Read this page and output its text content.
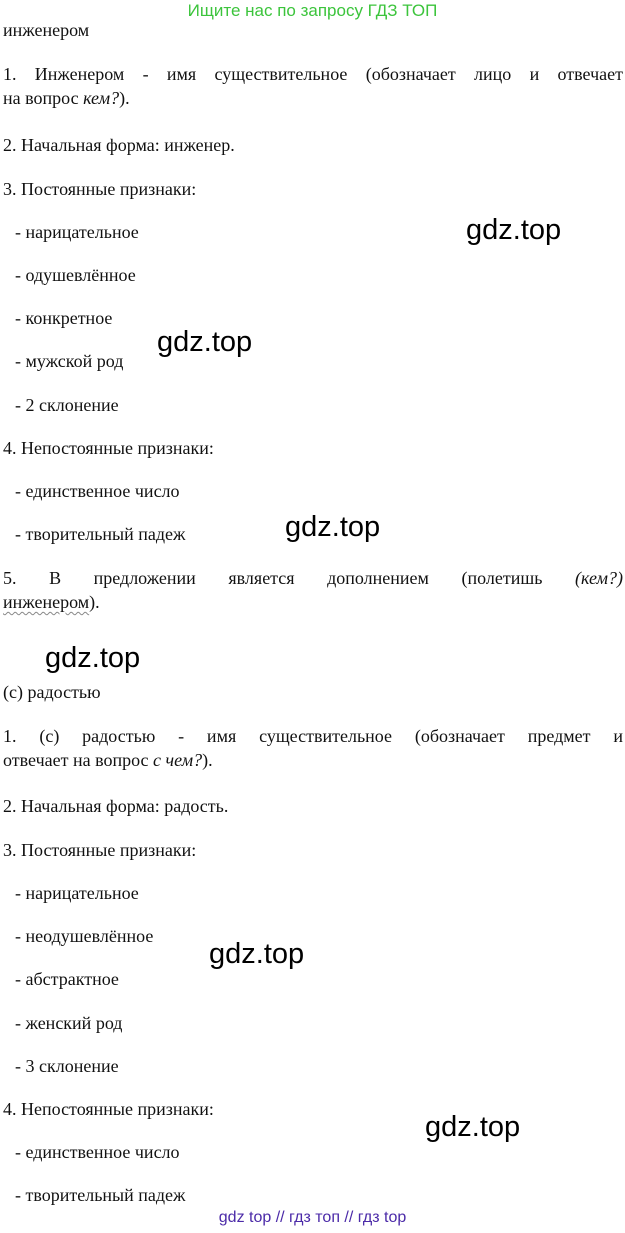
Ищите нас по запросу ГДЗ ТОП
инженером
1. Инженером - имя существительное (обозначает лицо и отвечает
на вопрос кем?).
2. Начальная форма: инженер.
3. Постоянные признаки:
- нарицательное
- одушевлённое
- конкретное
- мужской род
- 2 склонение
4. Непостоянные признаки:
- единственное число
- творительный падеж
5. В предложении является дополнением (полетишь (кем?)
инженером).
(с) радостью
1. (с) радостью - имя существительное (обозначает предмет и
отвечает на вопрос с чем?).
2. Начальная форма: радость.
3. Постоянные признаки:
- нарицательное
- неодушевлённое
- абстрактное
- женский род
- 3 склонение
4. Непостоянные признаки:
- единственное число
- творительный падеж
gdz.top
gdz.top
gdz.top
gdz.top
gdz.top
gdz.top
gdz top // гдз топ // гдз top
